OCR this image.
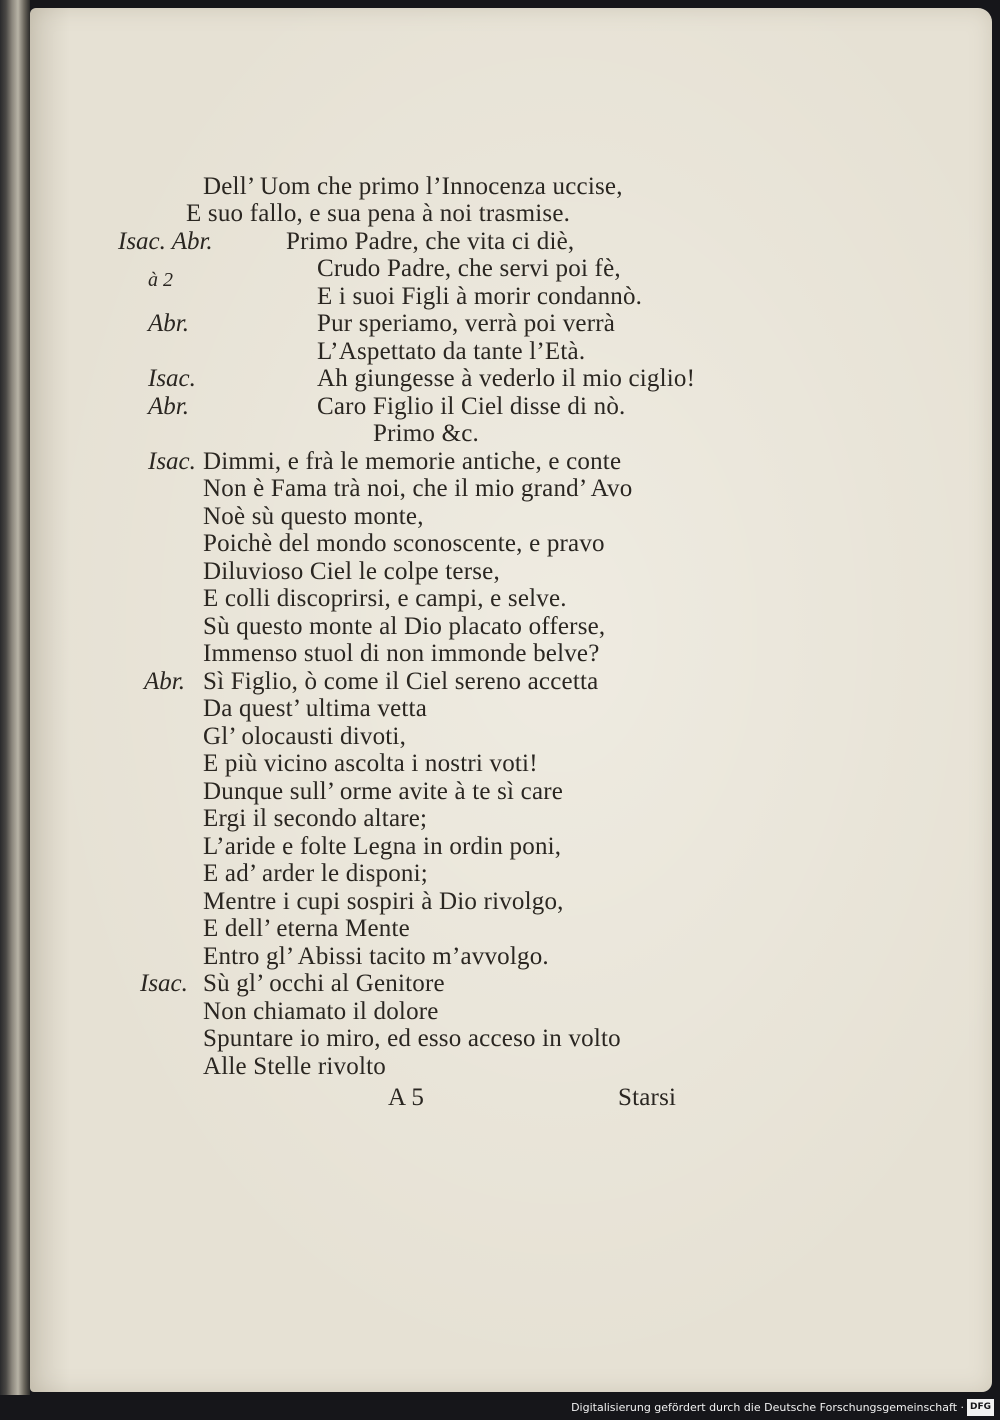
Dell’ Uom che primo l’Innocenza uccise,
E suo fallo, e sua pena à noi trasmise.
Isac. Abr.	Primo Padre, che vita ci diè,
Crudo Padre, che servi poi fè,
à 2
E i suoi Figli à morir condannò.
Abr.	Pur speriamo, verrà poi verrà
L’Aspettato da tante l’Età.
Isac.	Ah giungesse à vederlo il mio ciglio!
Abr.	Caro Figlio il Ciel disse di nò.
Primo &c.
Isac. Dimmi, e frà le memorie antiche, e conte
Non è Fama trà noi, che il mio grand’ Avo
Noè sù questo monte,
Poichè del mondo sconoscente, e pravo
Diluvioso Ciel le colpe terse,
E colli discoprirsi, e campi, e selve.
Sù questo monte al Dio placato offerse,
Immenso stuol di non immonde belve?
Abr. Sì Figlio, ò come il Ciel sereno accetta
Da quest’ ultima vetta
Gl’ olocausti divoti,
E più vicino ascolta i nostri voti!
Dunque sull’ orme avite à te sì care
Ergi il secondo altare;
L’aride e folte Legna in ordin poni,
E ad’ arder le disponi;
Mentre i cupi sospiri à Dio rivolgo,
E dell’ eterna Mente
Entro gl’ Abissi tacito m’avvolgo.
Isac. Sù gl’ occhi al Genitore
Non chiamato il dolore
Spuntare io miro, ed esso acceso in volto
Alle Stelle rivolto
A 5	Starsi
Digitalisierung gefördert durch die Deutsche Forschungsgemeinschaft · DFG
